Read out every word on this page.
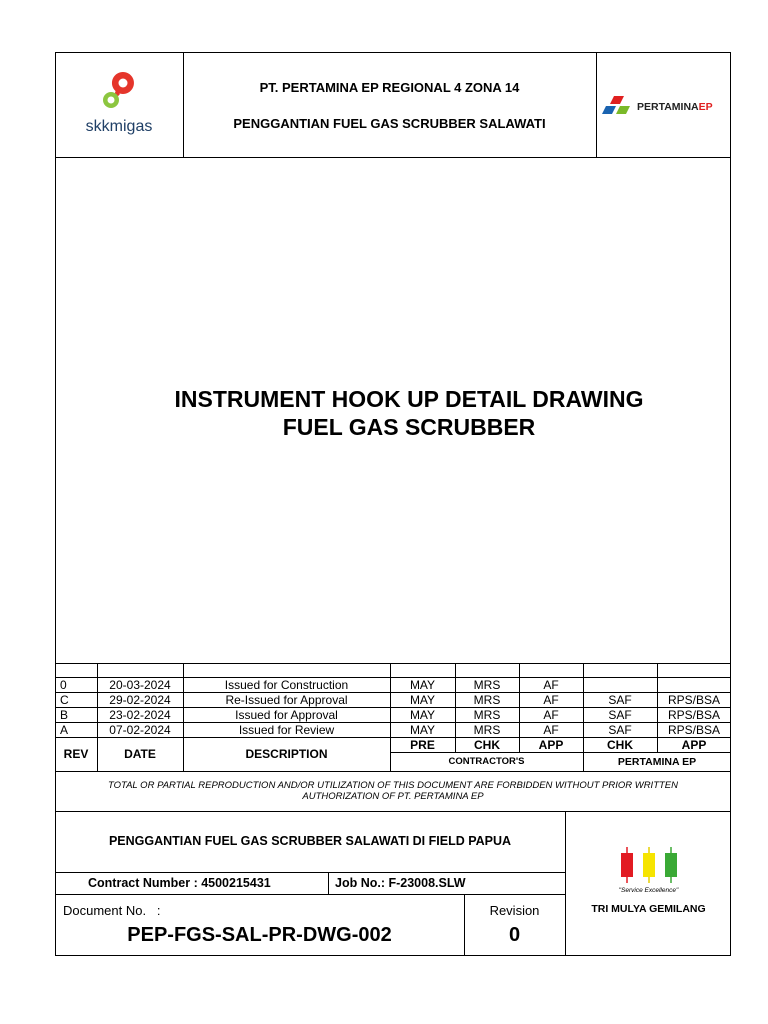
skkmigas
PT. PERTAMINA EP REGIONAL 4 ZONA 14
PENGGANTIAN FUEL GAS SCRUBBER SALAWATI
PERTAMINAEP
INSTRUMENT HOOK UP DETAIL DRAWING
FUEL GAS SCRUBBER
0	20-03-2024	Issued for Construction	MAY	MRS	AF
C	29-02-2024	Re-Issued for Approval	MAY	MRS	AF	SAF	RPS/BSA
B	23-02-2024	Issued for Approval	MAY	MRS	AF	SAF	RPS/BSA
A	07-02-2024	Issued for Review	MAY	MRS	AF	SAF	RPS/BSA
REV	DATE	DESCRIPTION
PRE	CHK	APP	CHK	APP
CONTRACTOR'S	PERTAMINA EP
TOTAL OR PARTIAL REPRODUCTION AND/OR UTILIZATION OF THIS DOCUMENT ARE FORBIDDEN WITHOUT PRIOR WRITTEN
AUTHORIZATION OF PT. PERTAMINA EP
PENGGANTIAN FUEL GAS SCRUBBER SALAWATI DI FIELD PAPUA
Contract Number : 4500215431	Job No.: F-23008.SLW
Document No.   :
PEP-FGS-SAL-PR-DWG-002
Revision
0
"Service Excellence"
TRI MULYA GEMILANG
